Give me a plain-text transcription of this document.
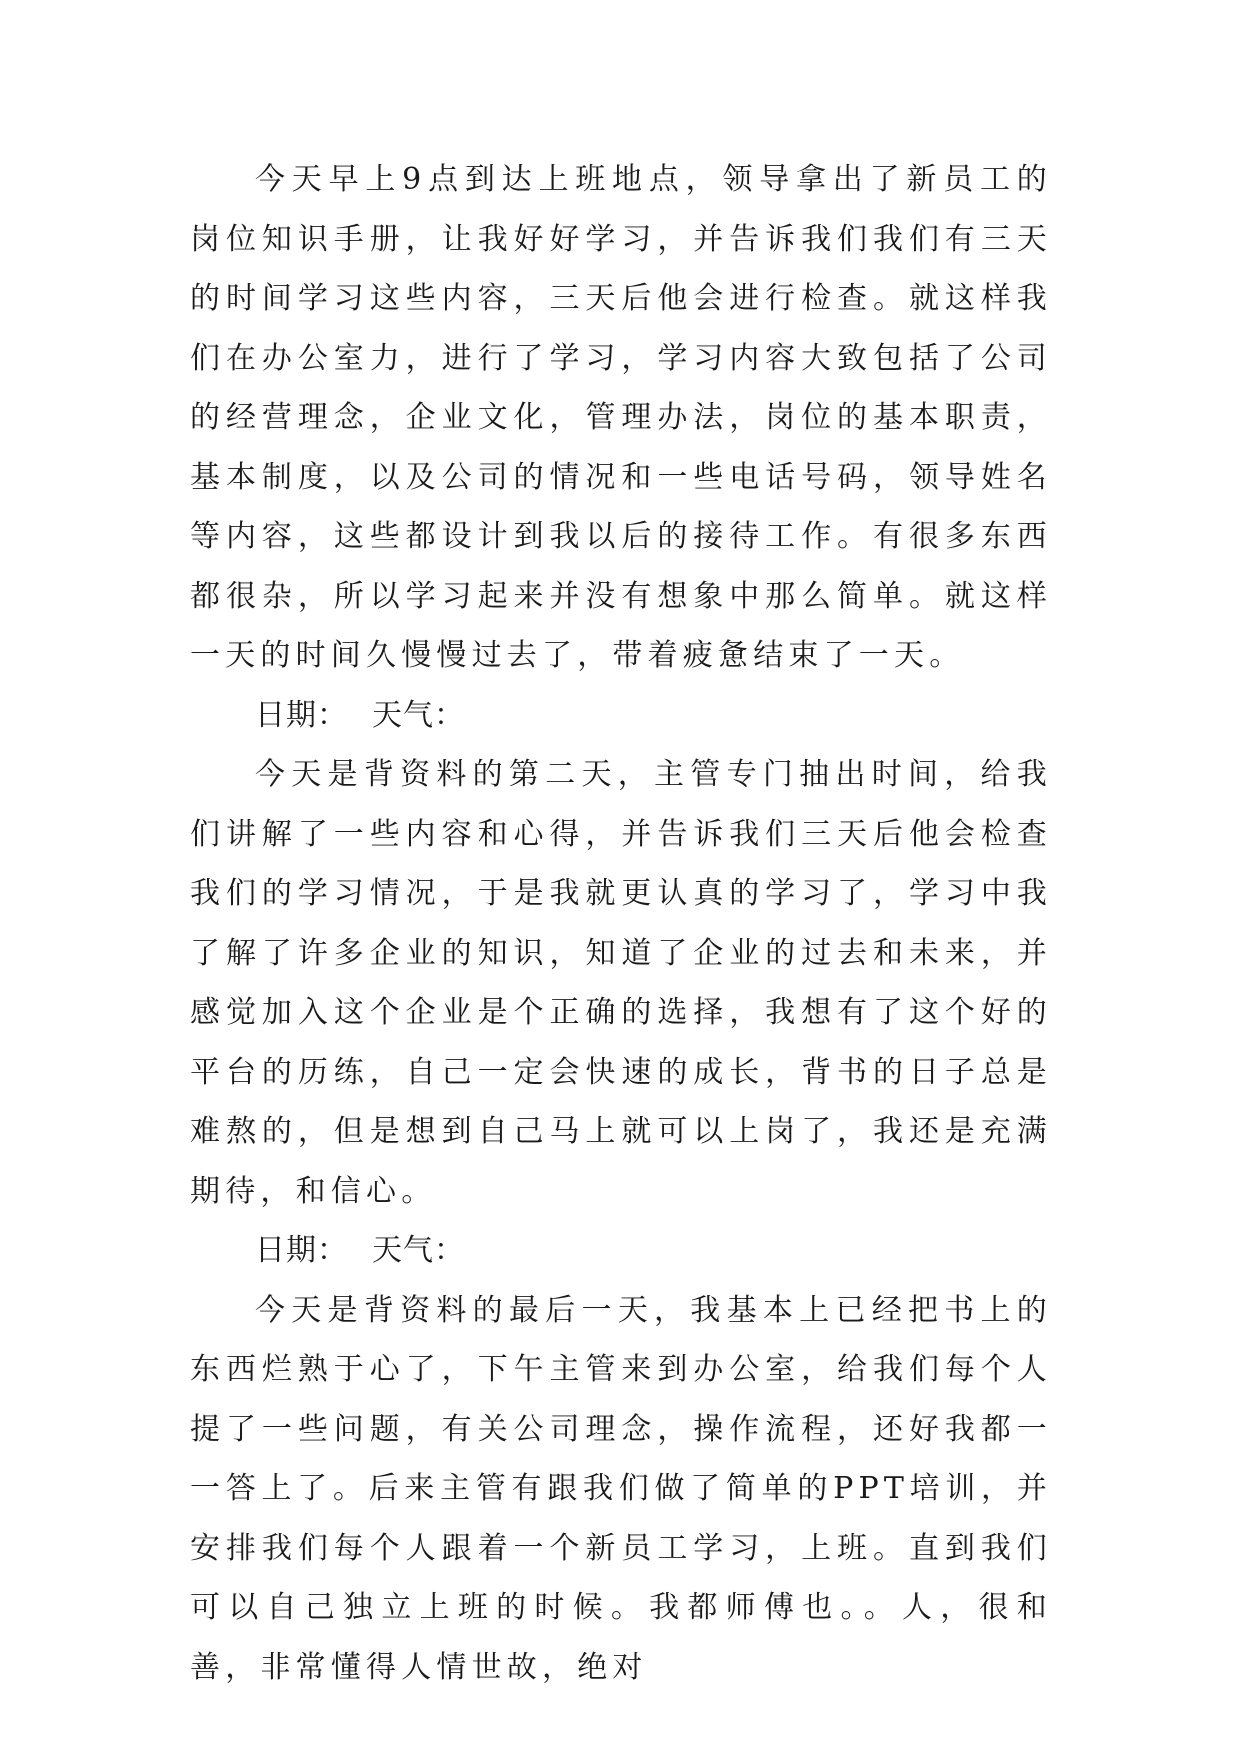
今天早上9点到达上班地点，领导拿出了新员工的岗位知识手册，让我好好学习，并告诉我们我们有三天的时间学习这些内容，三天后他会进行检查。就这样我们在办公室力，进行了学习，学习内容大致包括了公司的经营理念，企业文化，管理办法，岗位的基本职责，基本制度，以及公司的情况和一些电话号码，领导姓名等内容，这些都设计到我以后的接待工作。有很多东西都很杂，所以学习起来并没有想象中那么简单。就这样一天的时间久慢慢过去了，带着疲惫结束了一天。

日期： 天气：

今天是背资料的第二天，主管专门抽出时间，给我们讲解了一些内容和心得，并告诉我们三天后他会检查我们的学习情况，于是我就更认真的学习了，学习中我了解了许多企业的知识，知道了企业的过去和未来，并感觉加入这个企业是个正确的选择，我想有了这个好的平台的历练，自己一定会快速的成长，背书的日子总是难熬的，但是想到自己马上就可以上岗了，我还是充满期待，和信心。

日期： 天气：

今天是背资料的最后一天，我基本上已经把书上的东西烂熟于心了，下午主管来到办公室，给我们每个人提了一些问题，有关公司理念，操作流程，还好我都一一答上了。后来主管有跟我们做了简单的PPT培训，并安排我们每个人跟着一个新员工学习，上班。直到我们可以自己独立上班的时候。我都师傅也。。人，很和善，非常懂得人情世故，绝对
